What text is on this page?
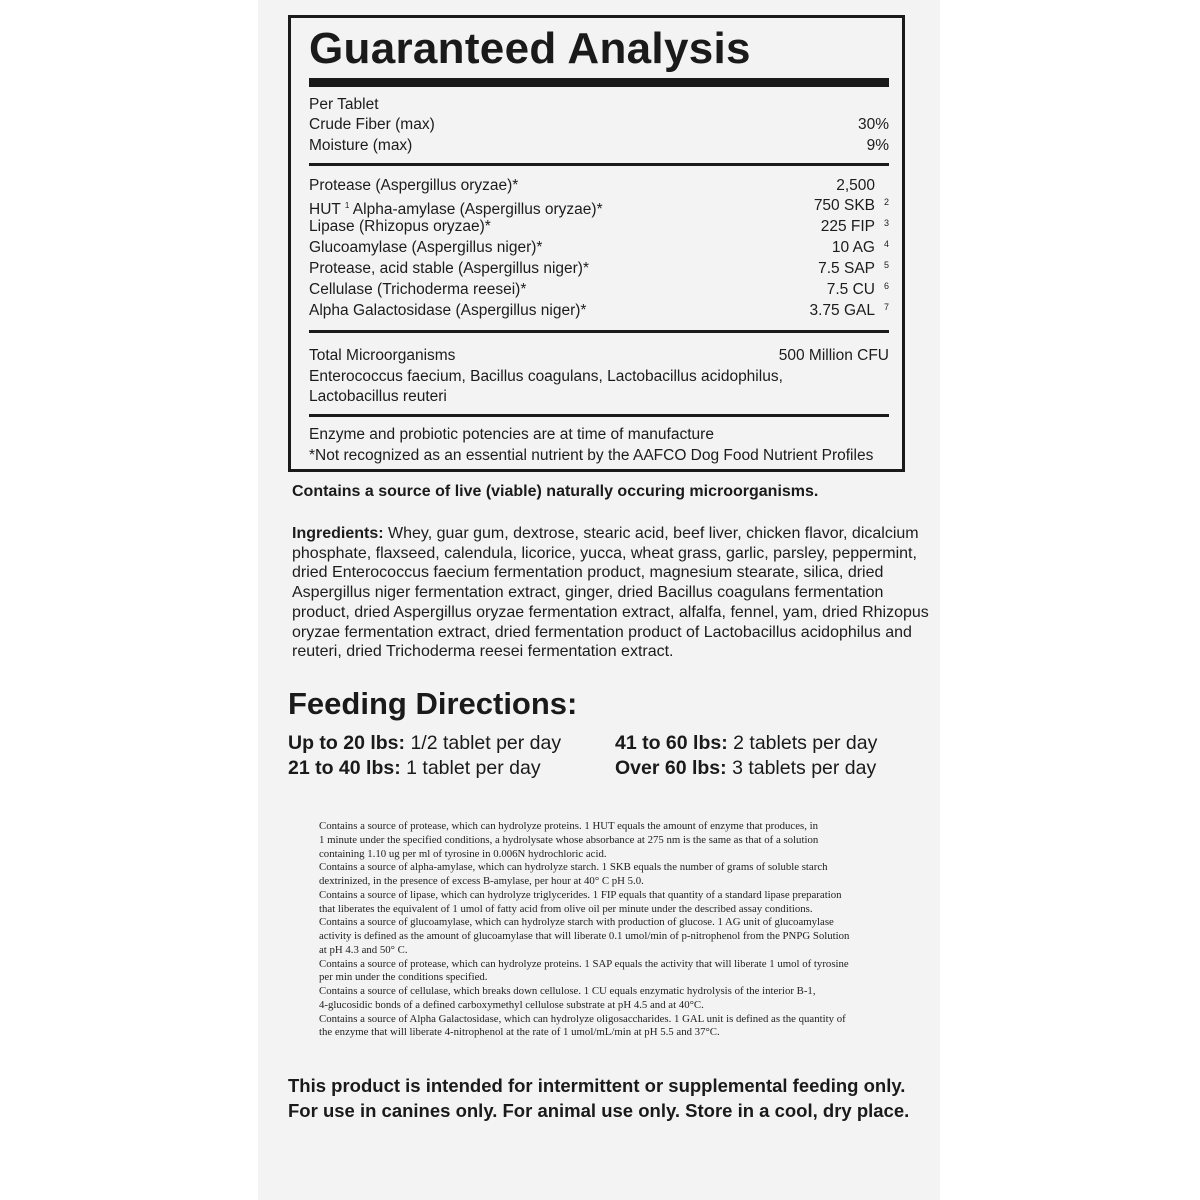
Guaranteed Analysis
Per Tablet
Crude Fiber (max)	30%
Moisture (max)	9%
Protease (Aspergillus oryzae)*	2,500
HUT $^1$ Alpha-amylase (Aspergillus oryzae)*	750 SKB 2
Lipase (Rhizopus oryzae)*	225 FIP 3
Glucoamylase (Aspergillus niger)*	10 AG 4
Protease, acid stable (Aspergillus niger)*	7.5 SAP 5
Cellulase (Trichoderma reesei)*	7.5 CU 6
Alpha Galactosidase (Aspergillus niger)*	3.75 GAL 7
Total Microorganisms	500 Million CFU
Enterococcus faecium, Bacillus coagulans, Lactobacillus acidophilus,
Lactobacillus reuteri
Enzyme and probiotic potencies are at time of manufacture
*Not recognized as an essential nutrient by the AAFCO Dog Food Nutrient Profiles
Contains a source of live (viable) naturally occuring microorganisms.
Ingredients: Whey, guar gum, dextrose, stearic acid, beef liver, chicken flavor, dicalcium phosphate, flaxseed, calendula, licorice, yucca, wheat grass, garlic, parsley, peppermint, dried Enterococcus faecium fermentation product, magnesium stearate, silica, dried Aspergillus niger fermentation extract, ginger, dried Bacillus coagulans fermentation product, dried Aspergillus oryzae fermentation extract, alfalfa, fennel, yam, dried Rhizopus oryzae fermentation extract, dried fermentation product of Lactobacillus acidophilus and reuteri, dried Trichoderma reesei fermentation extract.
Feeding Directions:
Up to 20 lbs: 1/2 tablet per day
21 to 40 lbs: 1 tablet per day
41 to 60 lbs: 2 tablets per day
Over 60 lbs: 3 tablets per day
Contains a source of protease, which can hydrolyze proteins. 1 HUT equals the amount of enzyme that produces, in
1 minute under the specified conditions, a hydrolysate whose absorbance at 275 nm is the same as that of a solution
containing 1.10 ug per ml of tyrosine in 0.006N hydrochloric acid.
Contains a source of alpha-amylase, which can hydrolyze starch. 1 SKB equals the number of grams of soluble starch
dextrinized, in the presence of excess B-amylase, per hour at 40° C pH 5.0.
Contains a source of lipase, which can hydrolyze triglycerides. 1 FIP equals that quantity of a standard lipase preparation
that liberates the equivalent of 1 umol of fatty acid from olive oil per minute under the described assay conditions.
Contains a source of glucoamylase, which can hydrolyze starch with production of glucose. 1 AG unit of glucoamylase
activity is defined as the amount of glucoamylase that will liberate 0.1 umol/min of p-nitrophenol from the PNPG Solution
at pH 4.3 and 50° C.
Contains a source of protease, which can hydrolyze proteins. 1 SAP equals the activity that will liberate 1 umol of tyrosine
per min under the conditions specified.
Contains a source of cellulase, which breaks down cellulose. 1 CU equals enzymatic hydrolysis of the interior B-1,
4-glucosidic bonds of a defined carboxymethyl cellulose substrate at pH 4.5 and at 40°C.
Contains a source of Alpha Galactosidase, which can hydrolyze oligosaccharides. 1 GAL unit is defined as the quantity of
the enzyme that will liberate 4-nitrophenol at the rate of 1 umol/mL/min at pH 5.5 and 37°C.
This product is intended for intermittent or supplemental feeding only. For use in canines only. For animal use only. Store in a cool, dry place.
